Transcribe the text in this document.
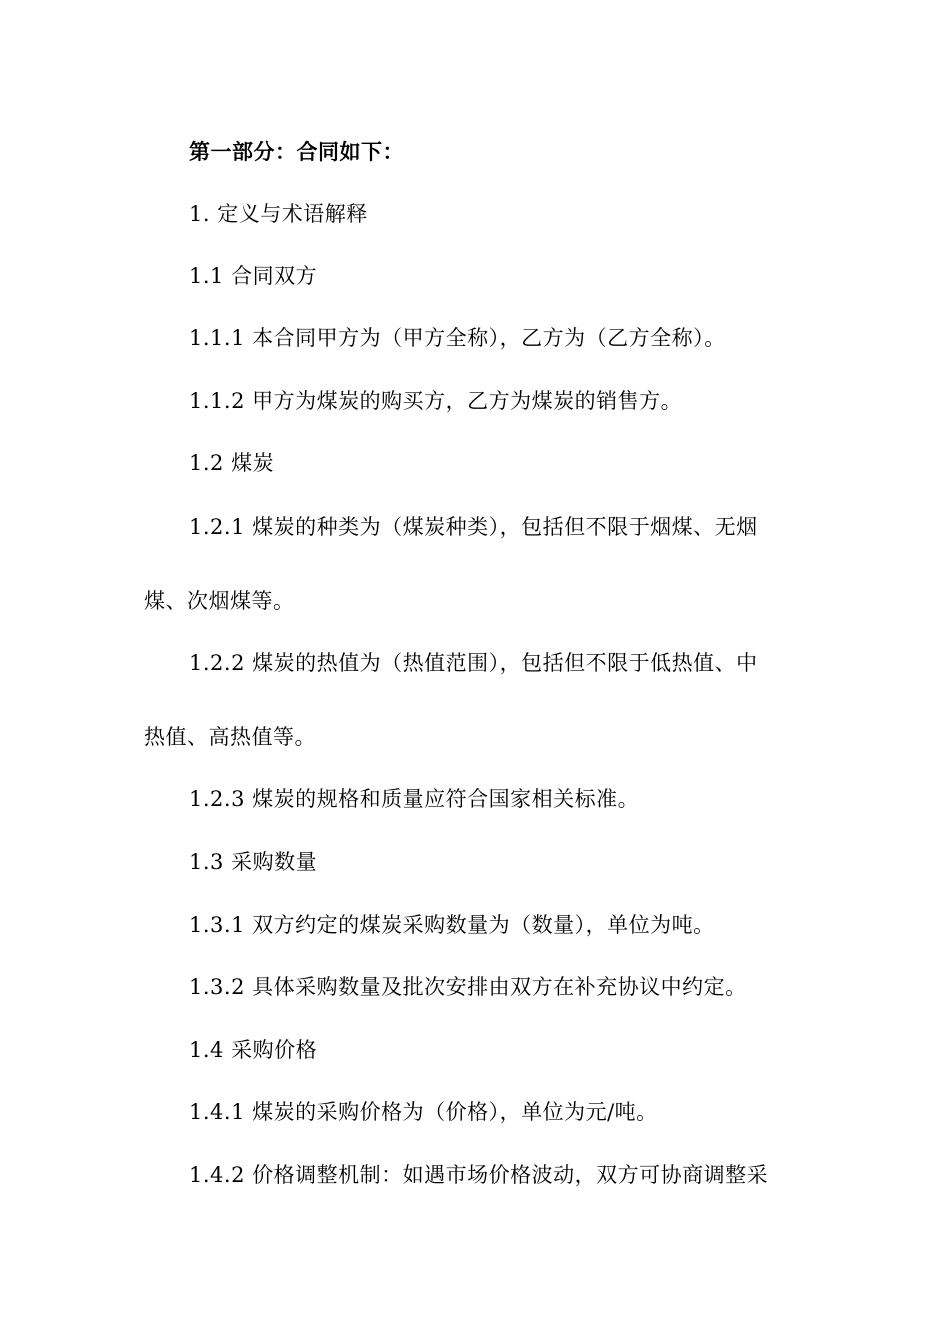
第一部分：合同如下：
1. 定义与术语解释
1.1 合同双方
1.1.1 本合同甲方为（甲方全称），乙方为（乙方全称）。
1.1.2 甲方为煤炭的购买方，乙方为煤炭的销售方。
1.2 煤炭
1.2.1 煤炭的种类为（煤炭种类），包括但不限于烟煤、无烟
煤、次烟煤等。
1.2.2 煤炭的热值为（热值范围），包括但不限于低热值、中
热值、高热值等。
1.2.3 煤炭的规格和质量应符合国家相关标准。
1.3 采购数量
1.3.1 双方约定的煤炭采购数量为（数量），单位为吨。
1.3.2 具体采购数量及批次安排由双方在补充协议中约定。
1.4 采购价格
1.4.1 煤炭的采购价格为（价格），单位为元/吨。
1.4.2 价格调整机制：如遇市场价格波动，双方可协商调整采
